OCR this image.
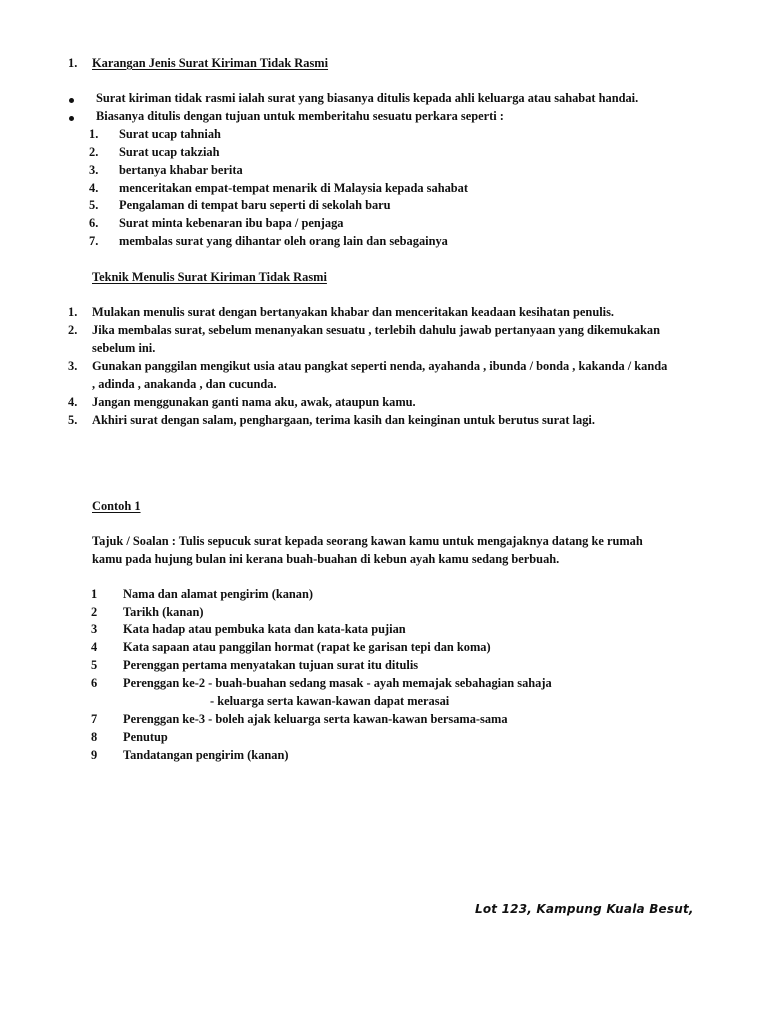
1. Karangan Jenis Surat Kiriman Tidak Rasmi
Surat kiriman tidak rasmi ialah surat yang biasanya ditulis kepada ahli keluarga atau sahabat handai.
Biasanya ditulis dengan tujuan untuk memberitahu sesuatu perkara seperti :
1. Surat ucap tahniah
2. Surat ucap takziah
3. bertanya khabar berita
4. menceritakan empat-tempat menarik di Malaysia kepada sahabat
5. Pengalaman di tempat baru seperti di sekolah baru
6. Surat minta kebenaran ibu bapa / penjaga
7. membalas surat yang dihantar oleh orang lain dan sebagainya
Teknik Menulis Surat Kiriman Tidak Rasmi
1. Mulakan menulis surat dengan bertanyakan khabar dan menceritakan keadaan kesihatan penulis.
2. Jika membalas surat, sebelum menanyakan sesuatu , terlebih dahulu jawab pertanyaan yang dikemukakan
sebelum ini.
3. Gunakan panggilan mengikut usia atau pangkat seperti nenda, ayahanda , ibunda / bonda , kakanda / kanda
, adinda , anakanda , dan cucunda.
4. Jangan menggunakan ganti nama aku, awak, ataupun kamu.
5. Akhiri surat dengan salam, penghargaan, terima kasih dan keinginan untuk berutus surat lagi.
Contoh 1
Tajuk / Soalan : Tulis sepucuk surat kepada seorang kawan kamu untuk mengajaknya datang ke rumah
kamu pada hujung bulan ini kerana buah-buahan di kebun ayah kamu sedang berbuah.
1 Nama dan alamat pengirim (kanan)
2 Tarikh (kanan)
3 Kata hadap atau pembuka kata dan kata-kata pujian
4 Kata sapaan atau panggilan hormat (rapat ke garisan tepi dan koma)
5 Perenggan pertama menyatakan tujuan surat itu ditulis
6 Perenggan ke-2 - buah-buahan sedang masak - ayah memajak sebahagian sahaja
- keluarga serta kawan-kawan dapat merasai
7 Perenggan ke-3 - boleh ajak keluarga serta kawan-kawan bersama-sama
8 Penutup
9 Tandatangan pengirim (kanan)
Lot 123, Kampung Kuala Besut,
